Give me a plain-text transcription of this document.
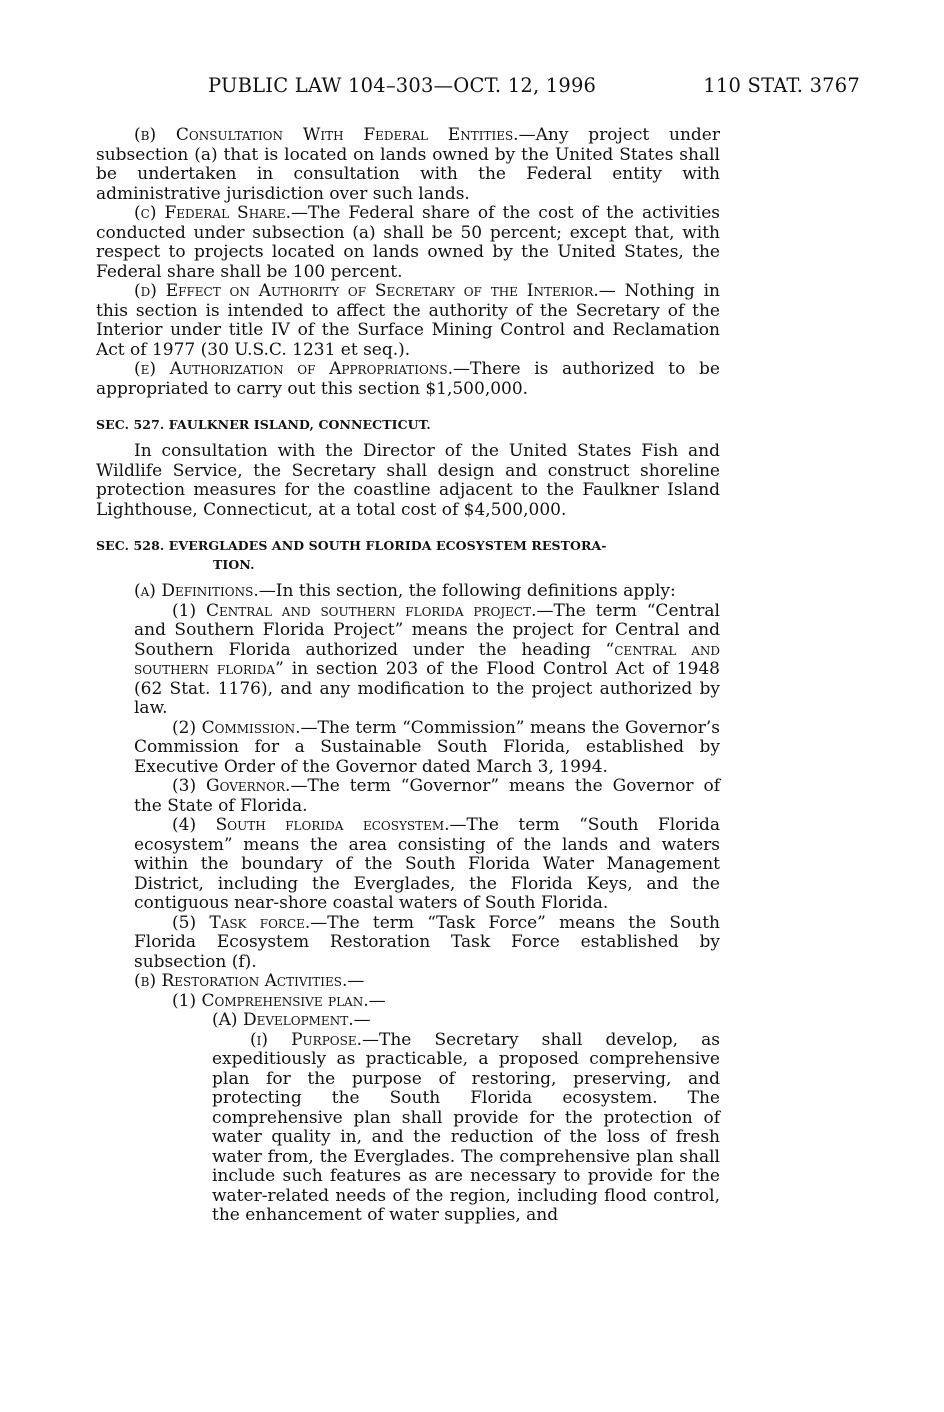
PUBLIC LAW 104–303—OCT. 12, 1996	110 STAT. 3767

(b) Consultation With Federal Entities.—Any project under subsection (a) that is located on lands owned by the United States shall be undertaken in consultation with the Federal entity with administrative jurisdiction over such lands.

(c) Federal Share.—The Federal share of the cost of the activities conducted under subsection (a) shall be 50 percent; except that, with respect to projects located on lands owned by the United States, the Federal share shall be 100 percent.

(d) Effect on Authority of Secretary of the Interior.— Nothing in this section is intended to affect the authority of the Secretary of the Interior under title IV of the Surface Mining Control and Reclamation Act of 1977 (30 U.S.C. 1231 et seq.).

(e) Authorization of Appropriations.—There is authorized to be appropriated to carry out this section $1,500,000.

SEC. 527. FAULKNER ISLAND, CONNECTICUT.

In consultation with the Director of the United States Fish and Wildlife Service, the Secretary shall design and construct shoreline protection measures for the coastline adjacent to the Faulkner Island Lighthouse, Connecticut, at a total cost of $4,500,000.

SEC. 528. EVERGLADES AND SOUTH FLORIDA ECOSYSTEM RESTORA-
TION.

(a) Definitions.—In this section, the following definitions apply:

(1) Central and southern florida project.—The term “Central and Southern Florida Project” means the project for Central and Southern Florida authorized under the heading “central and southern florida” in section 203 of the Flood Control Act of 1948 (62 Stat. 1176), and any modification to the project authorized by law.

(2) Commission.—The term “Commission” means the Governor’s Commission for a Sustainable South Florida, established by Executive Order of the Governor dated March 3, 1994.

(3) Governor.—The term “Governor” means the Governor of the State of Florida.

(4) South florida ecosystem.—The term “South Florida ecosystem” means the area consisting of the lands and waters within the boundary of the South Florida Water Management District, including the Everglades, the Florida Keys, and the contiguous near-shore coastal waters of South Florida.

(5) Task force.—The term “Task Force” means the South Florida Ecosystem Restoration Task Force established by subsection (f).

(b) Restoration Activities.—

(1) Comprehensive plan.—

(A) Development.—

(i) Purpose.—The Secretary shall develop, as expeditiously as practicable, a proposed comprehensive plan for the purpose of restoring, preserving, and protecting the South Florida ecosystem. The comprehensive plan shall provide for the protection of water quality in, and the reduction of the loss of fresh water from, the Everglades. The comprehensive plan shall include such features as are necessary to provide for the water-related needs of the region, including flood control, the enhancement of water supplies, and
